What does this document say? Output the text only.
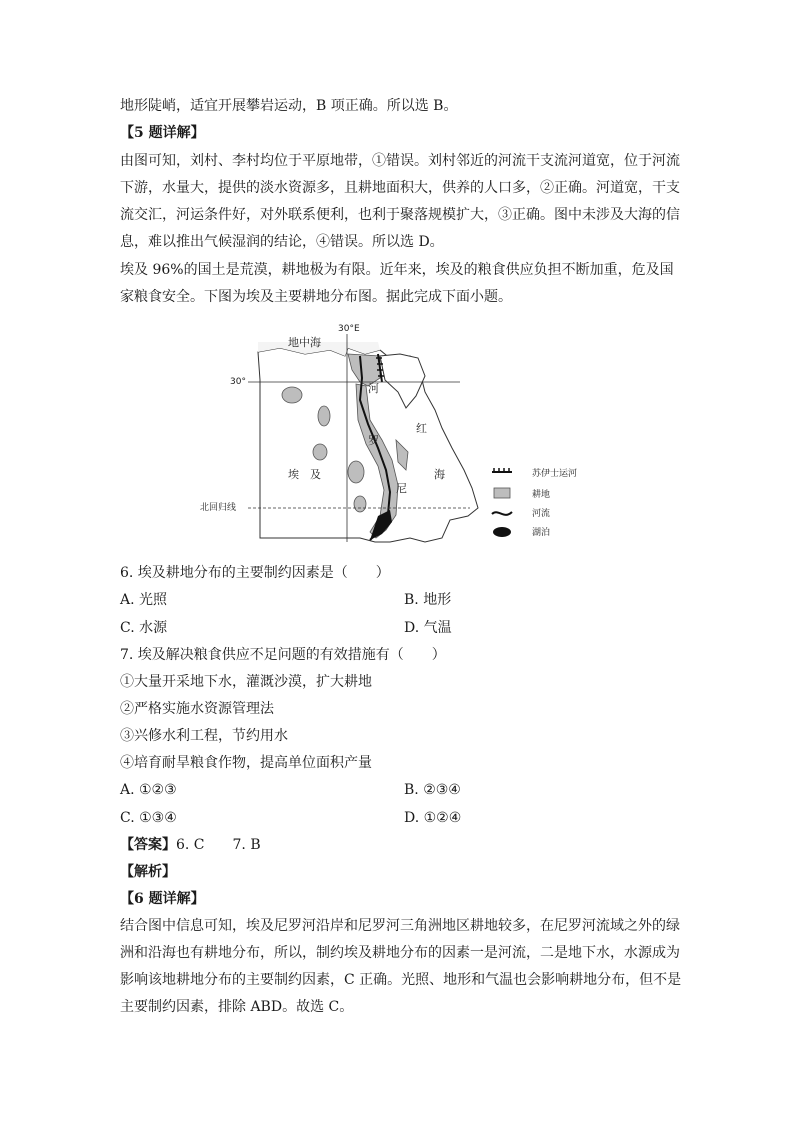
地形陡峭，适宜开展攀岩运动，B 项正确。所以选 B。
【5 题详解】
由图可知，刘村、李村均位于平原地带，①错误。刘村邻近的河流干支流河道宽，位于河流
下游，水量大，提供的淡水资源多，且耕地面积大，供养的人口多，②正确。河道宽，干支
流交汇，河运条件好，对外联系便利，也利于聚落规模扩大，③正确。图中未涉及大海的信
息，难以推出气候湿润的结论，④错误。所以选 D。
埃及 96%的国土是荒漠，耕地极为有限。近年来，埃及的粮食供应负担不断加重，危及国
家粮食安全。下图为埃及主要耕地分布图。据此完成下面小题。
30°E
30°
地中海
埃　及
河
罗
尼
红
海
北回归线
苏伊士运河
耕地
河流
湖泊
6. 埃及耕地分布的主要制约因素是（　　）
A. 光照	B. 地形
C. 水源	D. 气温
7. 埃及解决粮食供应不足问题的有效措施有（　　）
①大量开采地下水，灌溉沙漠，扩大耕地
②严格实施水资源管理法
③兴修水利工程，节约用水
④培育耐旱粮食作物，提高单位面积产量
A. ①②③	B. ②③④
C. ①③④	D. ①②④
【答案】6. C　　7. B
【解析】
【6 题详解】
结合图中信息可知，埃及尼罗河沿岸和尼罗河三角洲地区耕地较多，在尼罗河流域之外的绿
洲和沿海也有耕地分布，所以，制约埃及耕地分布的因素一是河流，二是地下水，水源成为
影响该地耕地分布的主要制约因素，C 正确。光照、地形和气温也会影响耕地分布，但不是
主要制约因素，排除 ABD。故选 C。
